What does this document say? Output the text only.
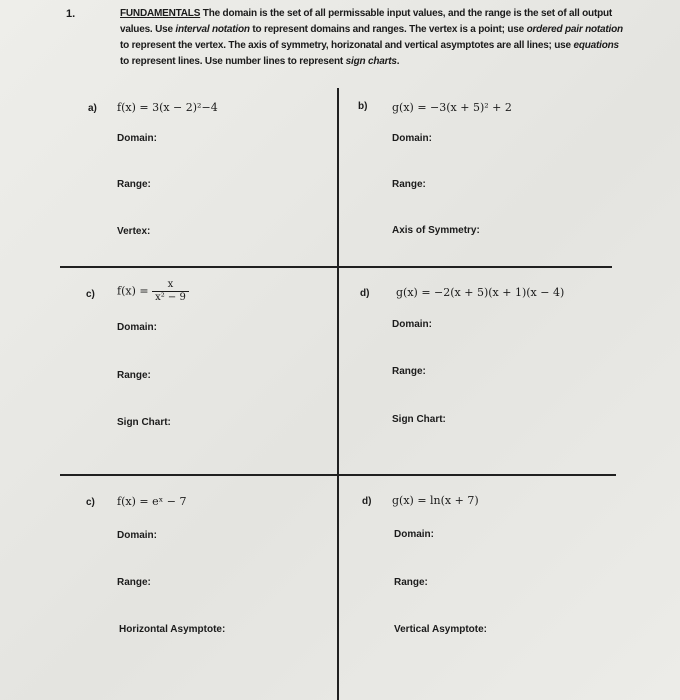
1.	FUNDAMENTALS The domain is the set of all permissable input values, and the range is the set of all output values. Use interval notation to represent domains and ranges. The vertex is a point; use ordered pair notation to represent the vertex. The axis of symmetry, horizonatal and vertical asymptotes are all lines; use equations to represent lines. Use number lines to represent sign charts.
a) f(x) = 3(x − 2)²−4
Domain:
Range:
Vertex:
b) g(x) = −3(x + 5)² + 2
Domain:
Range:
Axis of Symmetry:
c) $f(x) = \frac{x}{\text{x² − 9}}$
Domain:
Range:
Sign Chart:
d) g(x) = −2(x + 5)(x + 1)(x − 4)
Domain:
Range:
Sign Chart:
c) f(x) = eˣ − 7
Domain:
Range:
Horizontal Asymptote:
d) g(x) = ln(x + 7)
Domain:
Range:
Vertical Asymptote:
